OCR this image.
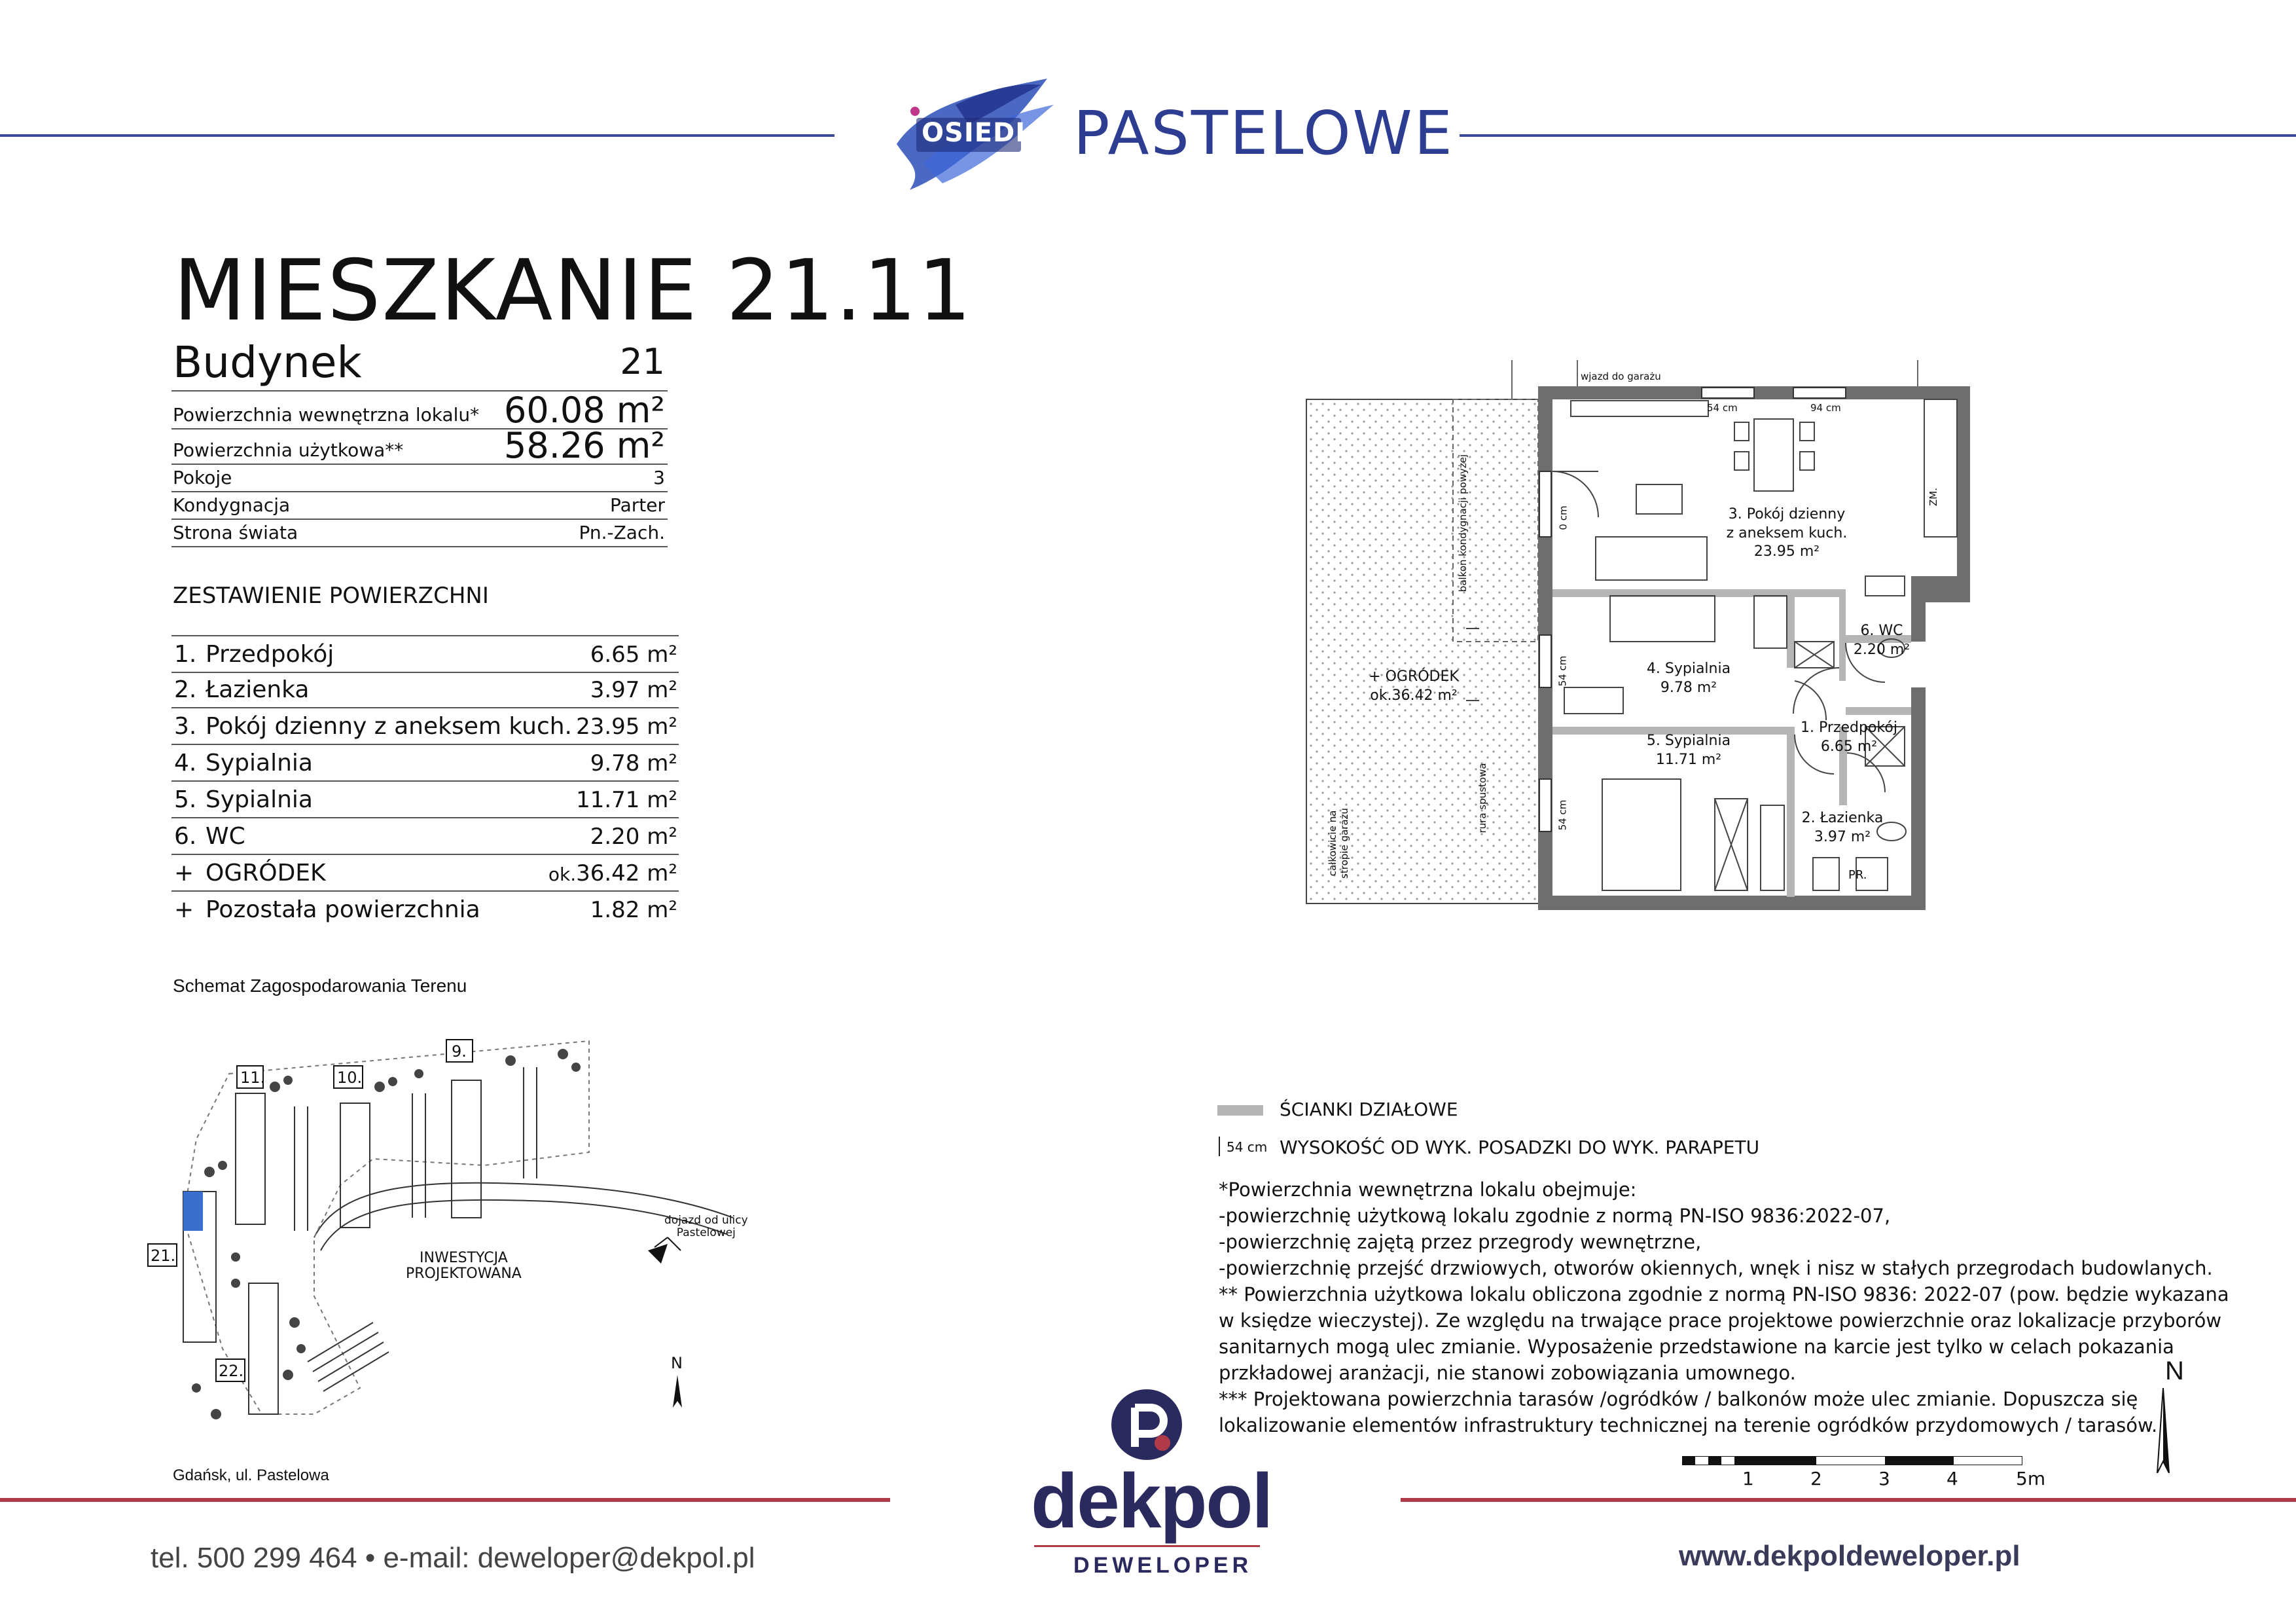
OSIEDLE PASTELOWE
MIESZKANIE 21.11
Budynek	21
Powierzchnia wewnętrzna lokalu* 60.08 m²
Powierzchnia użytkowa**	58.26 m²
Pokoje	3
Kondygnacja	Parter
Strona świata	Pn.-Zach.
ZESTAWIENIE POWIERZCHNI
1. Przedpokój	6.65 m²
2. Łazienka	3.97 m²
3. Pokój dzienny z aneksem kuch. 23.95 m²
4. Sypialnia	9.78 m²
5. Sypialnia	11.71 m²
6. WC	2.20 m²
+ OGRÓDEK	ok.36.42 m²
+ Pozostała powierzchnia	1.82 m²
Schemat Zagospodarowania Terenu
11.	10.
9.
21.
22.
INWESTYCJA
PROJEKTOWANA
dojazd od ulicy
Pastelowej
N
Gdańsk, ul. Pastelowa
wjazd do garażu
balkon kondygnacji powyżej
rura spustowa
całkowicie na stropie garażu
+ OGRÓDEK
ok.36.42 m²
3. Pokój dzienny
z aneksem kuch.
23.95 m²
4. Sypialnia
9.78 m²
5. Sypialnia
11.71 m²
6. WC
2.20 m²
1. Przedpokój
6.65 m²
2. Łazienka
3.97 m²
54 cm	94 cm
0 cm
54 cm
54 cm
ZM.
PR.
ŚCIANKI DZIAŁOWE
54 cm WYSOKOŚĆ OD WYK. POSADZKI DO WYK. PARAPETU
*Powierzchnia wewnętrzna lokalu obejmuje:
-powierzchnię użytkową lokalu zgodnie z normą PN-ISO 9836:2022-07,
-powierzchnię zajętą przez przegrody wewnętrzne,
-powierzchnię przejść drzwiowych, otworów okiennych, wnęk i nisz w stałych przegrodach budowlanych.
** Powierzchnia użytkowa lokalu obliczona zgodnie z normą PN-ISO 9836: 2022-07 (pow. będzie wykazana
w księdze wieczystej). Ze względu na trwające prace projektowe powierzchnie oraz lokalizacje przyborów
sanitarnych mogą ulec zmianie. Wyposażenie przedstawione na karcie jest tylko w celach pokazania
przkładowej aranżacji, nie stanowi zobowiązania umownego.
*** Projektowana powierzchnia tarasów /ogródków / balkonów może ulec zmianie. Dopuszcza się
lokalizowanie elementów infrastruktury technicznej na terenie ogródków przydomowych / tarasów.
1	2	3	4	5m
N
dekpol
DEWELOPER
tel. 500 299 464 • e-mail: deweloper@dekpol.pl	www.dekpoldeweloper.pl
